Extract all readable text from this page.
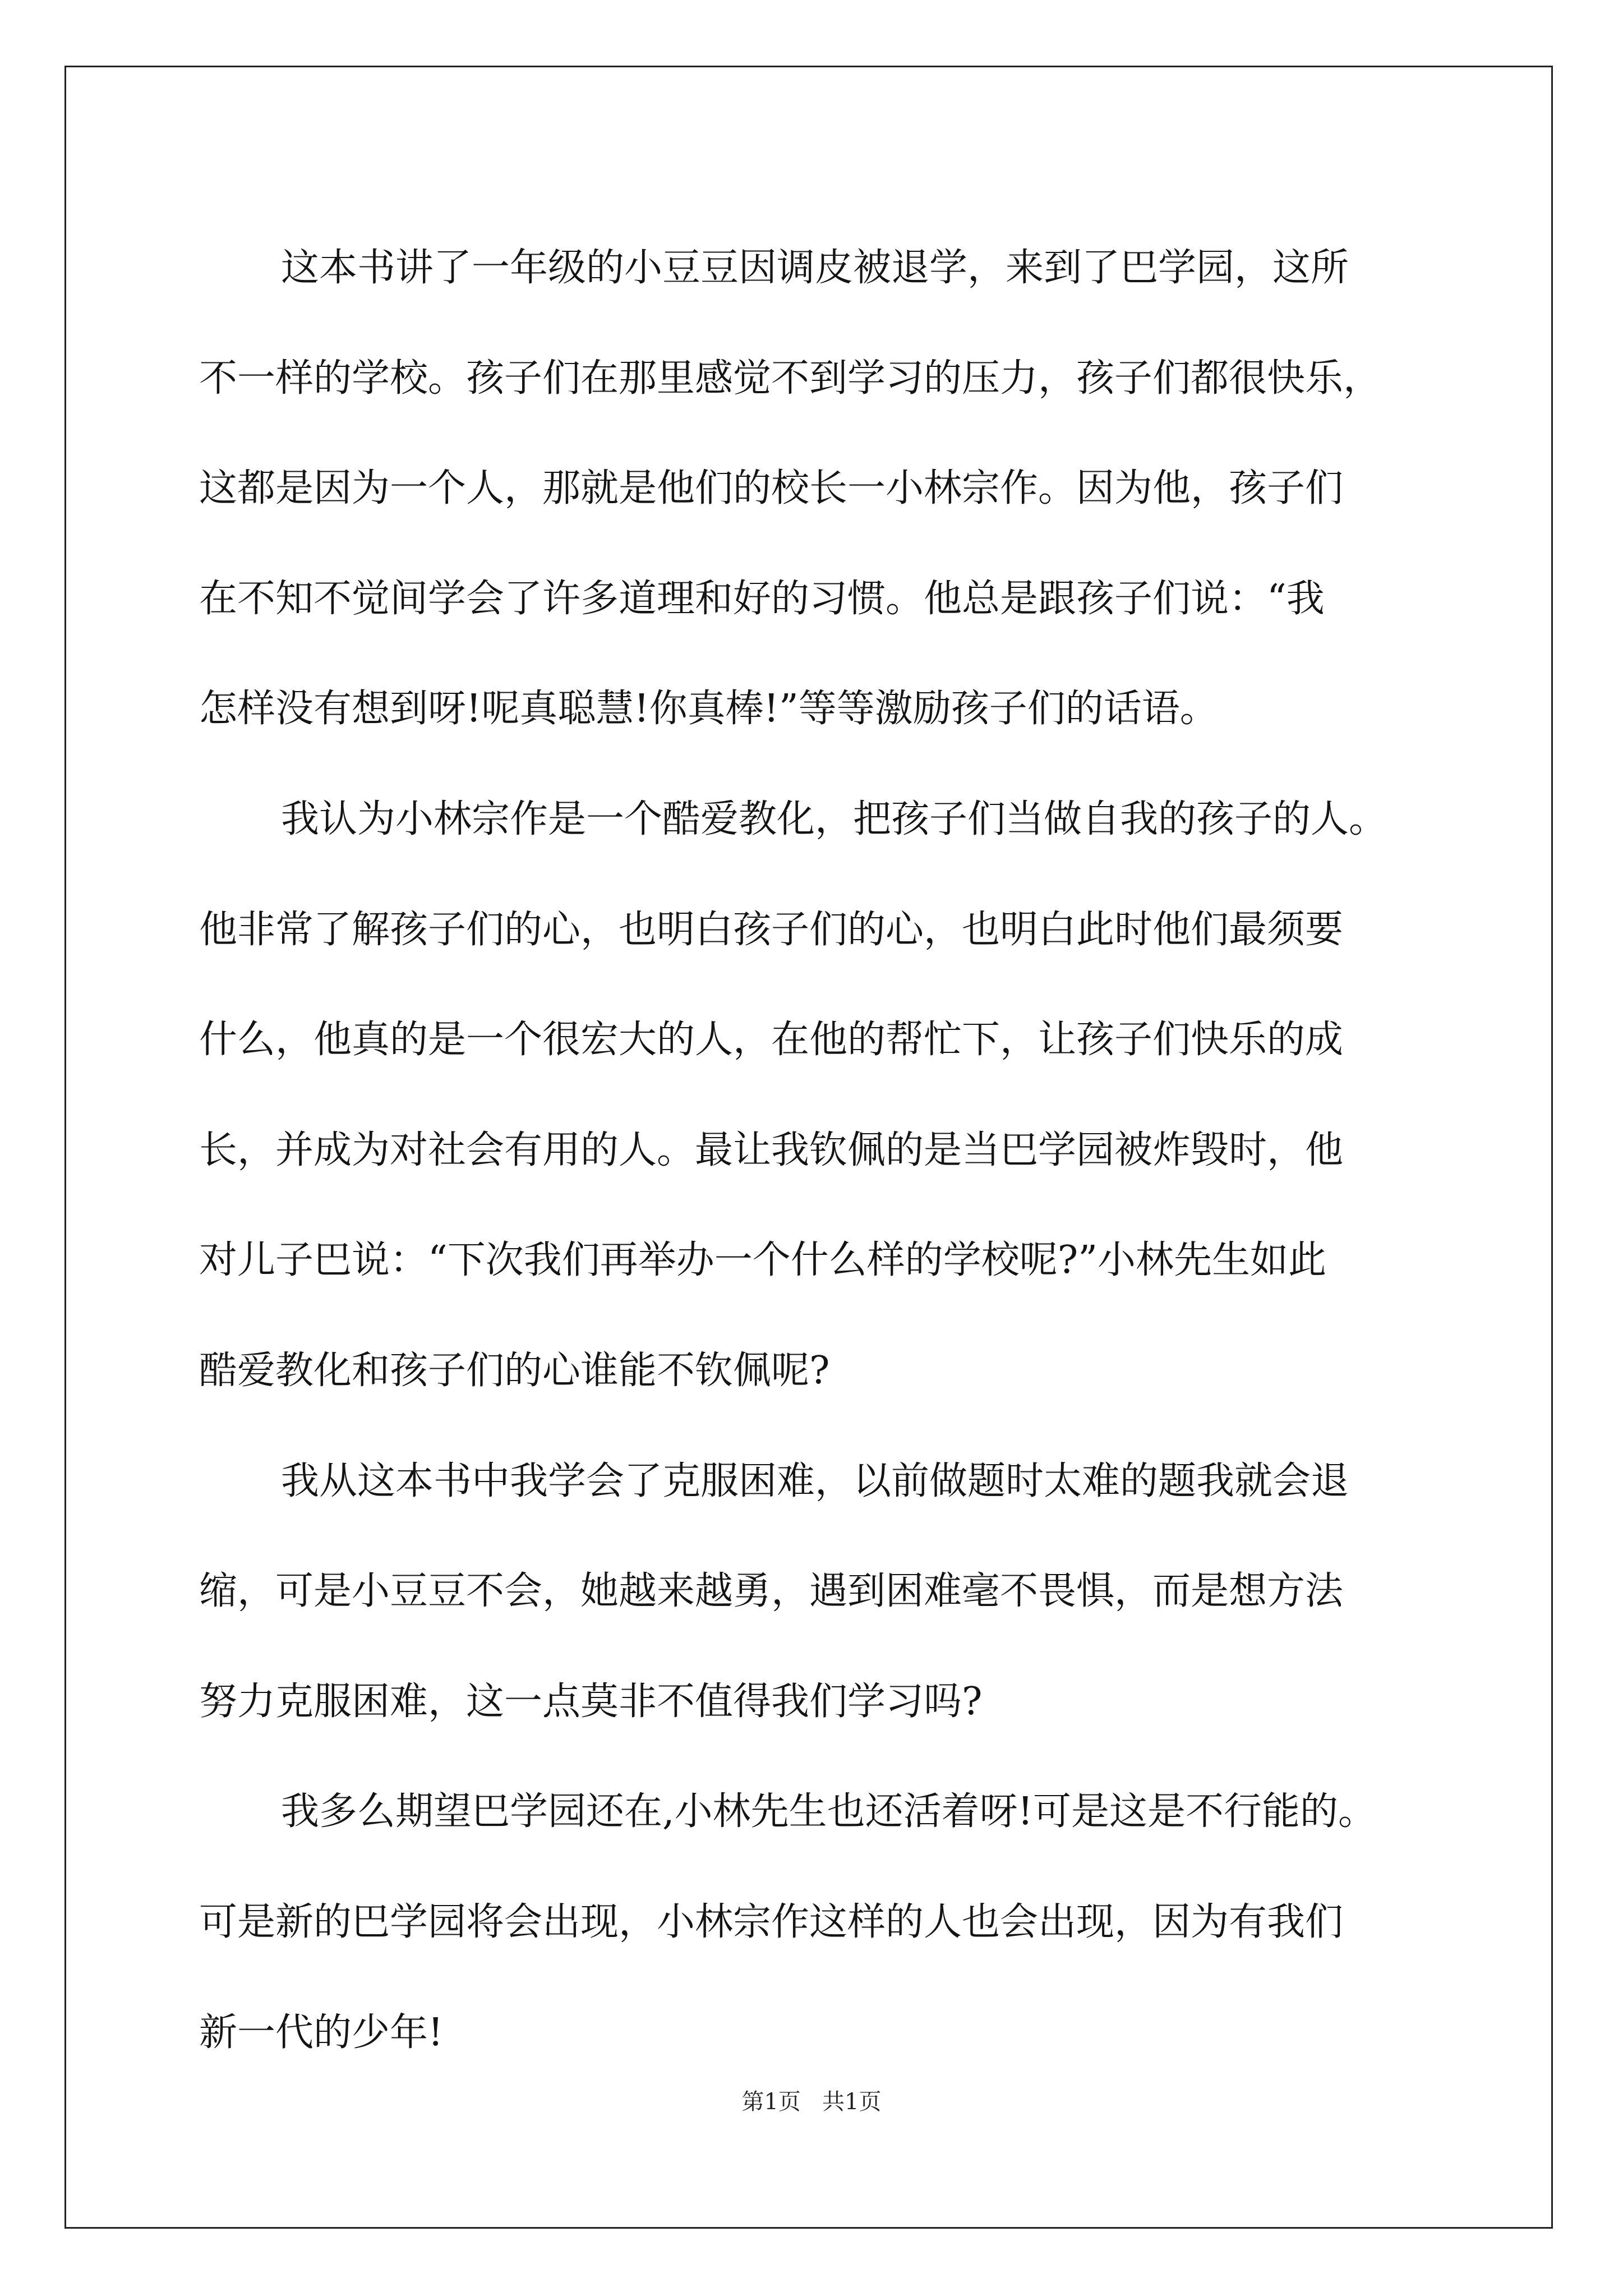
这本书讲了一年级的小豆豆因调皮被退学，来到了巴学园，这所
不一样的学校。孩子们在那里感觉不到学习的压力，孩子们都很快乐，
这都是因为一个人，那就是他们的校长一小林宗作。因为他，孩子们
在不知不觉间学会了许多道理和好的习惯。他总是跟孩子们说：“我
怎样没有想到呀!呢真聪慧!你真棒!”等等激励孩子们的话语。
我认为小林宗作是一个酷爱教化，把孩子们当做自我的孩子的人。
他非常了解孩子们的心，也明白孩子们的心，也明白此时他们最须要
什么，他真的是一个很宏大的人，在他的帮忙下，让孩子们快乐的成
长，并成为对社会有用的人。最让我钦佩的是当巴学园被炸毁时，他
对儿子巴说：“下次我们再举办一个什么样的学校呢?”小林先生如此
酷爱教化和孩子们的心谁能不钦佩呢?
我从这本书中我学会了克服困难，以前做题时太难的题我就会退
缩，可是小豆豆不会，她越来越勇，遇到困难毫不畏惧，而是想方法
努力克服困难，这一点莫非不值得我们学习吗?
我多么期望巴学园还在,小林先生也还活着呀!可是这是不行能的。
可是新的巴学园将会出现，小林宗作这样的人也会出现，因为有我们
新一代的少年!
第1页   共1页
